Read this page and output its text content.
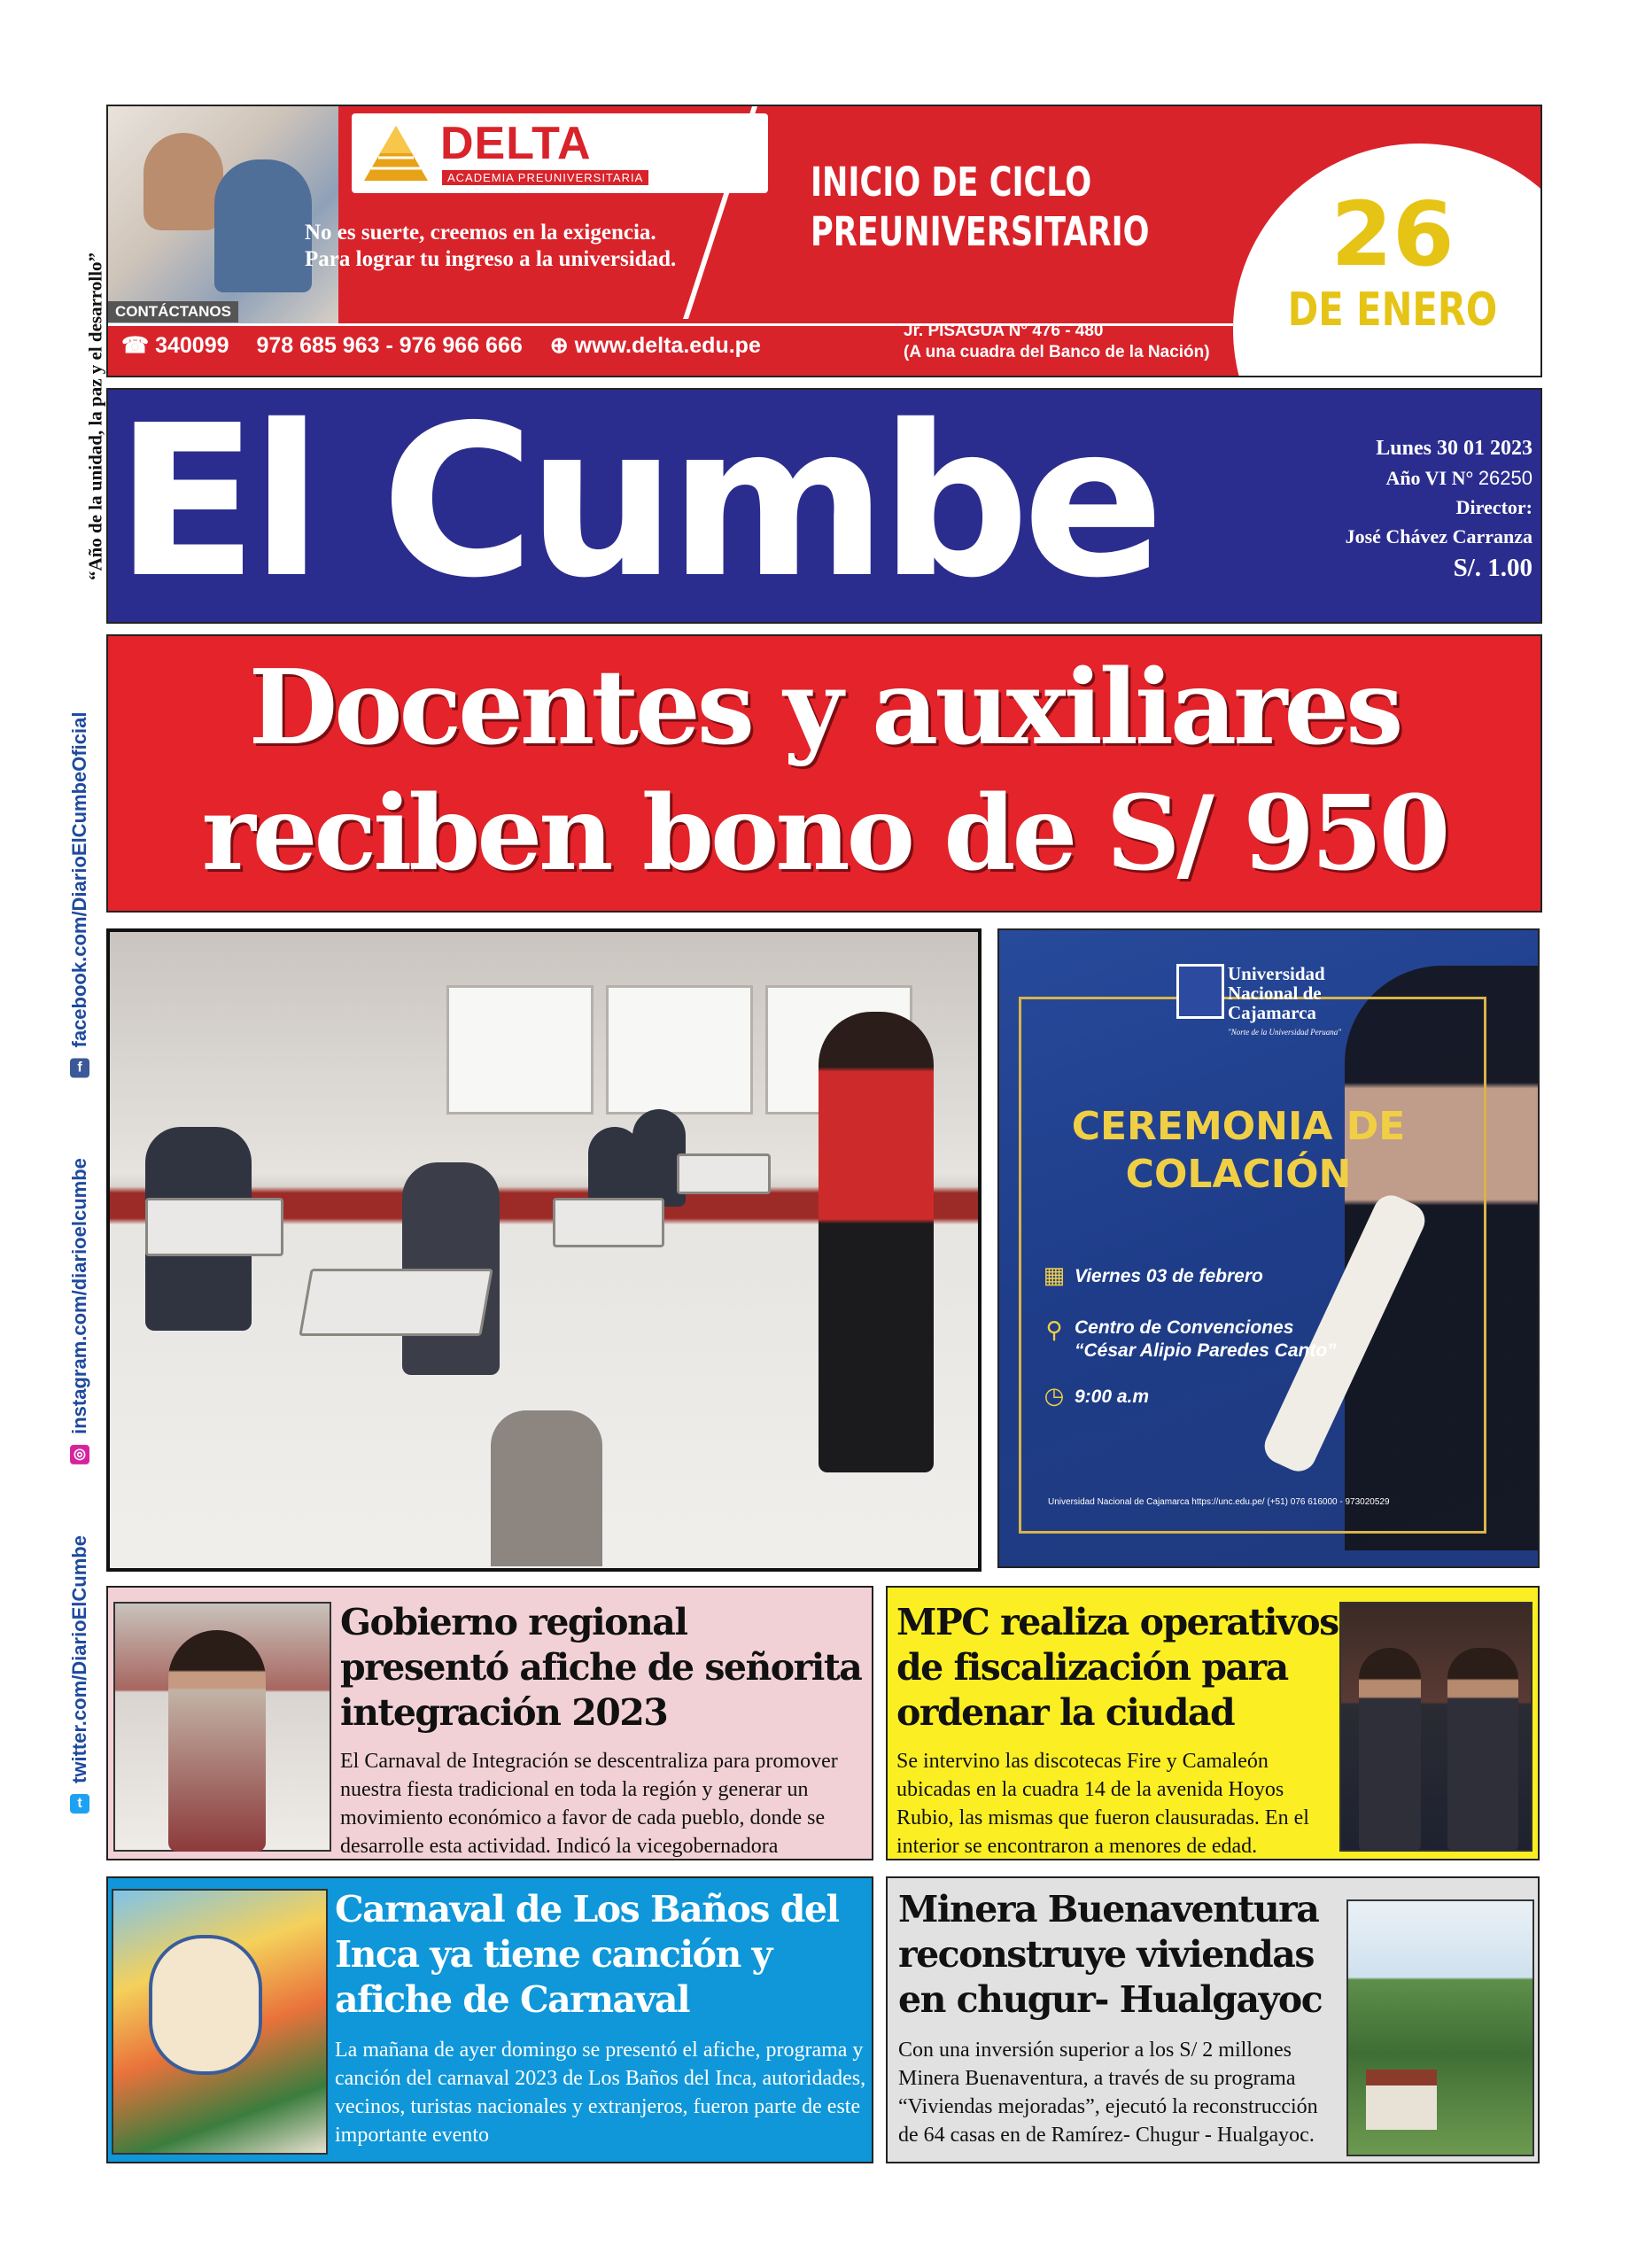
“Año de la unidad, la paz y el desarrollo”
f
facebook.com/DiarioElCumbeOficial
◎
instagram.com/diarioelcumbe
t
twitter.com/DiarioElCumbe
DELTA
ACADEMIA PREUNIVERSITARIA
No es suerte, creemos en la exigencia.
Para lograr tu ingreso a la universidad.
INICIO DE CICLO
PREUNIVERSITARIO	26
DE ENERO
CONTÁCTANOS
☎ 340099 978 685 963 - 976 966 666 ⊕ www.delta.edu.pe
Jr. PISAGUA N° 476 - 480
(A una cuadra del Banco de la Nación)
El Cumbe	Lunes 30 01 2023
Año VI N° 26250
Director:
José Chávez Carranza
S/. 1.00
Docentes y auxiliares
reciben bono de S/ 950
Universidad
Nacional de
Cajamarca
"Norte de la Universidad Peruana"
CEREMONIA DE
COLACIÓN
▦ Viernes 03 de febrero
⚲ Centro de Convenciones
“César Alipio Paredes Canto”
◷ 9:00 a.m
Universidad Nacional de Cajamarca https://unc.edu.pe/ (+51) 076 616000 - 973020529
Gobierno regional presentó afiche de señorita integración 2023
El Carnaval de Integración se descentraliza para promover nuestra fiesta tradicional en toda la región y generar un movimiento económico a favor de cada pueblo, donde se desarrolle esta actividad. Indicó la vicegobernadora
MPC realiza operativos de fiscalización para ordenar la ciudad
Se intervino las discotecas Fire y Camaleón ubicadas en la cuadra 14 de la avenida Hoyos Rubio, las mismas que fueron clausuradas. En el interior se encontraron a menores de edad.
Carnaval de Los Baños del Inca ya tiene canción y afiche de Carnaval
La mañana de ayer domingo se presentó el afiche, programa y canción del carnaval 2023 de Los Baños del Inca, autoridades, vecinos, turistas nacionales y extranjeros, fueron parte de este importante evento
Minera Buenaventura reconstruye viviendas en chugur- Hualgayoc
Con una inversión superior a los S/ 2 millones Minera Buenaventura, a través de su programa “Viviendas mejoradas”, ejecutó la reconstrucción de 64 casas en de Ramírez- Chugur - Hualgayoc.
